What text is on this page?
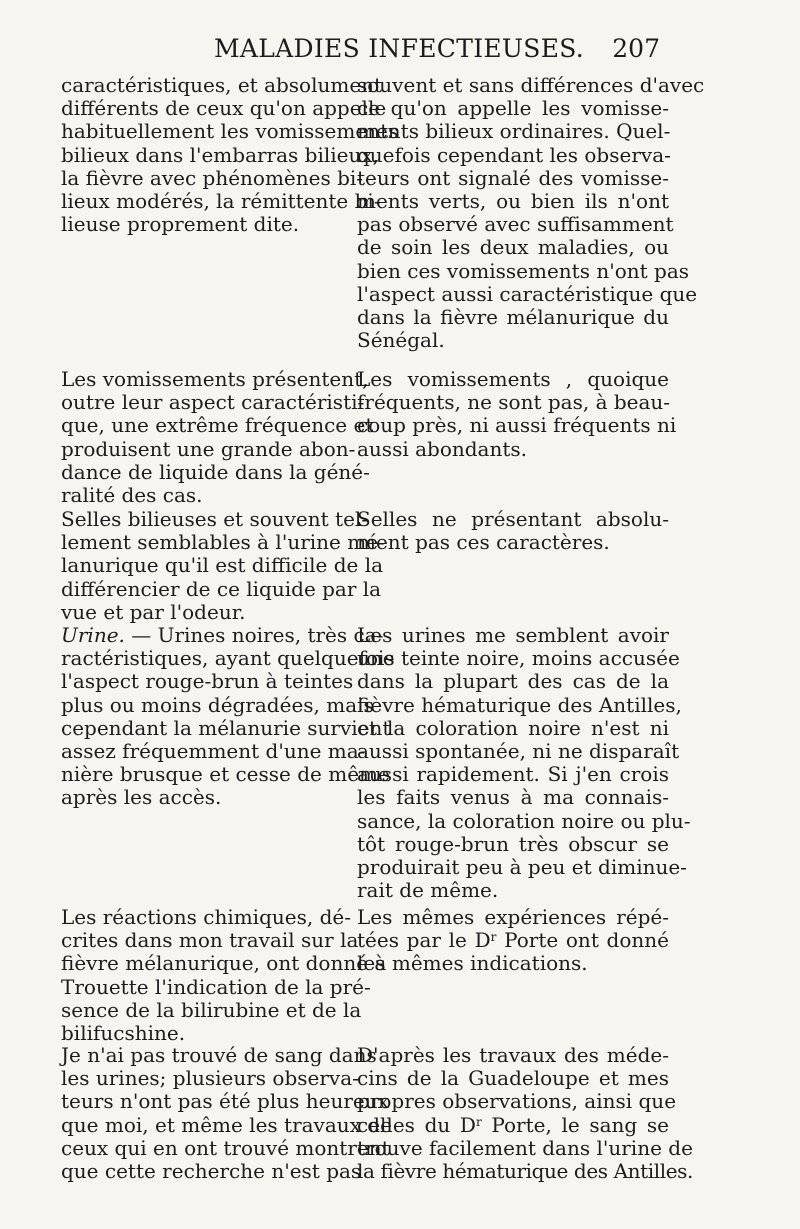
MALADIES INFECTIEUSES. 207
caractéristiques, et absolument
différents de ceux qu'on appelle
habituellement les vomissements
bilieux dans l'embarras bilieux,
la fièvre avec phénomènes bi-
lieux modérés, la rémittente bi-
lieuse proprement dite.
Les vomissements présentent,
outre leur aspect caractéristi-
que, une extrême fréquence et
produisent une grande abon-
dance de liquide dans la géné-
ralité des cas.
Selles bilieuses et souvent tel-
lement semblables à l'urine mé-
lanurique qu'il est difficile de la
différencier de ce liquide par la
vue et par l'odeur.
Urine. — Urines noires, très ca-
ractéristiques, ayant quelquefois
l'aspect rouge-brun à teintes
plus ou moins dégradées, mais
cependant la mélanurie survient
assez fréquemment d'une ma-
nière brusque et cesse de même
après les accès.
Les réactions chimiques, dé-
crites dans mon travail sur la
fièvre mélanurique, ont donné à
Trouette l'indication de la pré-
sence de la bilirubine et de la
bilifucshine.
Je n'ai pas trouvé de sang dans
les urines; plusieurs observa-
teurs n'ont pas été plus heureux
que moi, et même les travaux de
ceux qui en ont trouvé montrent
que cette recherche n'est pas
souvent et sans différences d'avec
ce qu'on appelle les vomisse-
ments bilieux ordinaires. Quel-
quefois cependant les observa-
teurs ont signalé des vomisse-
ments verts, ou bien ils n'ont
pas observé avec suffisamment
de soin les deux maladies, ou
bien ces vomissements n'ont pas
l'aspect aussi caractéristique que
dans la fièvre mélanurique du
Sénégal.
Les vomissements , quoique
fréquents, ne sont pas, à beau-
coup près, ni aussi fréquents ni
aussi abondants.
Selles ne présentant absolu-
ment pas ces caractères.
Les urines me semblent avoir
une teinte noire, moins accusée
dans la plupart des cas de la
fièvre hématurique des Antilles,
et la coloration noire n'est ni
aussi spontanée, ni ne disparaît
aussi rapidement. Si j'en crois
les faits venus à ma connais-
sance, la coloration noire ou plu-
tôt rouge-brun très obscur se
produirait peu à peu et diminue-
rait de même.
Les mêmes expériences répé-
tées par le $D^r$ Porte ont donné
les mêmes indications.
D'après les travaux des méde-
cins de la Guadeloupe et mes
propres observations, ainsi que
celles du $D^r$ Porte, le sang se
trouve facilement dans l'urine de
la fièvre hématurique des Antilles.
